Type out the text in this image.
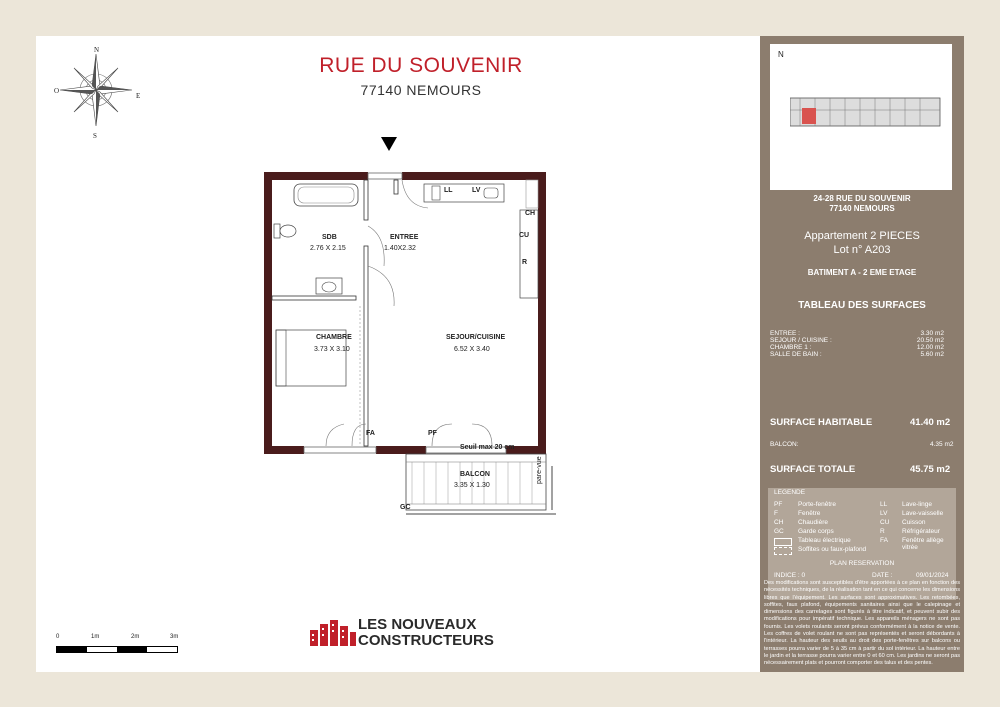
N
S
O
E
RUE DU SOUVENIR
77140 NEMOURS
SDB
2.76 X 2.15
ENTREE
1.40X2.32
CHAMBRE
3.73 X 3.10
SEJOUR/CUISINE
6.52 X 3.40
BALCON
3.35 X 1.30
LL	LV
CH
CU
R
FA	PF
Seuil max 20 cm
GC
pare-vue
0	1m	2m	3m
LES NOUVEAUX
CONSTRUCTEURS
N
24-28 RUE DU SOUVENIR
77140 NEMOURS
Appartement 2 PIECES
Lot n° A203
BATIMENT A - 2 EME ETAGE
TABLEAU DES SURFACES
ENTREE :	3.30 m2
SEJOUR / CUISINE :	20.50 m2
CHAMBRE 1 :	12.00 m2
SALLE DE BAIN :	5.60 m2
SURFACE HABITABLE	41.40 m2
BALCON:	4.35 m2
SURFACE TOTALE	45.75 m2
LEGENDE
PF Porte-fenêtre
F	Fenêtre
CH Chaudière
GC Garde corps
Tableau électrique
Soffites ou faux-plafond
LL Lave-linge
LV Lave-vaisselle
CU Cuisson
R	Réfrigérateur
FA Fenêtre allège vitrée
PLAN RESERVATION
INDICE : 0	DATE :	09/01/2024
Des modifications sont susceptibles d'être apportées à ce plan en fonction des nécessités techniques, de la réalisation tant en ce qui concerne les dimensions libres que l'équipement. Les surfaces sont approximatives. Les retombées, soffites, faux plafond, équipements sanitaires ainsi que le calepinage et dimensions des carrelages sont figurés à titre indicatif, et peuvent subir des modifications pour impératif technique. Les appareils ménagers ne sont pas fournis. Les volets roulants seront prévus conformément à la notice de vente. Les coffres de volet roulant ne sont pas représentés et seront débordants à l'intérieur. La hauteur des seuils au droit des porte-fenêtres sur balcons ou terrasses pourra varier de 5 à 35 cm à partir du sol intérieur. La hauteur entre le jardin et la terrasse pourra varier entre 0 et 60 cm. Les jardins ne seront pas nécessairement plats et pourront comporter des talus et des pentes.
